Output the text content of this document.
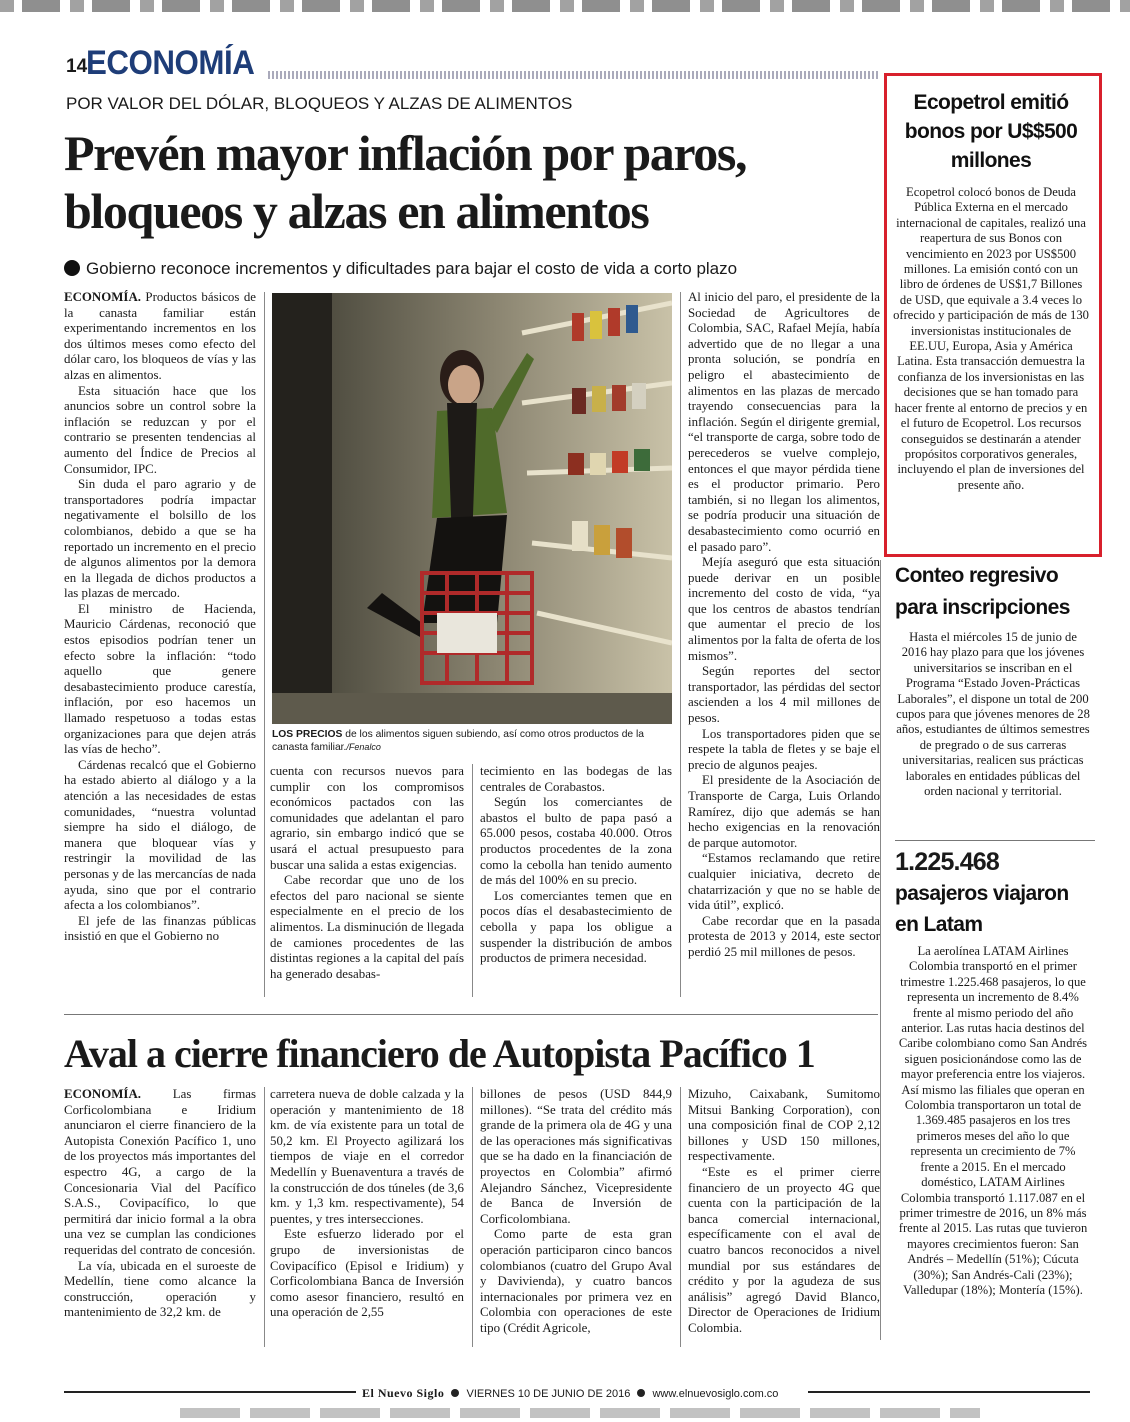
14
ECONOMÍA
POR VALOR DEL DÓLAR, BLOQUEOS Y ALZAS DE ALIMENTOS
Prevén mayor inflación por paros, bloqueos y alzas en alimentos
Gobierno reconoce incrementos y dificultades para bajar el costo de vida a corto plazo

ECONOMÍA. Productos básicos de la canasta familiar están experimentando incrementos en los dos últimos meses como efecto del dólar caro, los bloqueos de vías y las alzas en alimentos.

Esta situación hace que los anuncios sobre un control sobre la inflación se reduzcan y por el contrario se presenten tendencias al aumento del Índice de Precios al Consumidor, IPC.

Sin duda el paro agrario y de transportadores podría impactar negativamente el bolsillo de los colombianos, debido a que se ha reportado un incremento en el precio de algunos alimentos por la demora en la llegada de dichos productos a las plazas de mercado.

El ministro de Hacienda, Mauricio Cárdenas, reconoció que estos episodios podrían tener un efecto sobre la inflación: “todo aquello que genere desabastecimiento produce carestía, inflación, por eso hacemos un llamado respetuoso a todas estas organizaciones para que dejen atrás las vías de hecho”.

Cárdenas recalcó que el Gobierno ha estado abierto al diálogo y a la atención a las necesidades de estas comunidades, “nuestra voluntad siempre ha sido el diálogo, de manera que bloquear vías y restringir la movilidad de las personas y de las mercancías de nada ayuda, sino que por el contrario afecta a los colombianos”.

El jefe de las finanzas públicas insistió en que el Gobierno no

LOS PRECIOS de los alimentos siguen subiendo, así como otros productos de la canasta familiar./Fenalco

cuenta con recursos nuevos para cumplir con los compromisos económicos pactados con las comunidades que adelantan el paro agrario, sin embargo indicó que se usará el actual presupuesto para buscar una salida a estas exigencias.

Cabe recordar que uno de los efectos del paro nacional se siente especialmente en el precio de los alimentos. La disminución de llegada de camiones procedentes de las distintas regiones a la capital del país ha generado desabas-

tecimiento en las bodegas de las centrales de Corabastos.

Según los comerciantes de abastos el bulto de papa pasó a 65.000 pesos, costaba 40.000. Otros productos procedentes de la zona como la cebolla han tenido aumento de más del 100% en su precio.

Los comerciantes temen que en pocos días el desabastecimiento de cebolla y papa los obligue a suspender la distribución de ambos productos de primera necesidad.

Al inicio del paro, el presidente de la Sociedad de Agricultores de Colombia, SAC, Rafael Mejía, había advertido que de no llegar a una pronta solución, se pondría en peligro el abastecimiento de alimentos en las plazas de mercado trayendo consecuencias para la inflación. Según el dirigente gremial, “el transporte de carga, sobre todo de perecederos se vuelve complejo, entonces el que mayor pérdida tiene es el productor primario. Pero también, si no llegan los alimentos, se podría producir una situación de desabastecimiento como ocurrió en el pasado paro”.

Mejía aseguró que esta situación puede derivar en un posible incremento del costo de vida, “ya que los centros de abastos tendrían que aumentar el precio de los alimentos por la falta de oferta de los mismos”.

Según reportes del sector transportador, las pérdidas del sector ascienden a los 4 mil millones de pesos.

Los transportadores piden que se respete la tabla de fletes y se baje el precio de algunos peajes.

El presidente de la Asociación de Transporte de Carga, Luis Orlando Ramírez, dijo que además se han hecho exigencias en la renovación de parque automotor.

“Estamos reclamando que retire cualquier iniciativa, decreto de chatarrización y que no se hable de vida útil”, explicó.

Cabe recordar que en la pasada protesta de 2013 y 2014, este sector perdió 25 mil millones de pesos.

Aval a cierre financiero de Autopista Pacífico 1

ECONOMÍA. Las firmas Corficolombiana e Iridium anunciaron el cierre financiero de la Autopista Conexión Pacífico 1, uno de los proyectos más importantes del espectro 4G, a cargo de la Concesionaria Vial del Pacífico S.A.S., Covipacífico, lo que permitirá dar inicio formal a la obra una vez se cumplan las condiciones requeridas del contrato de concesión.

La vía, ubicada en el suroeste de Medellín, tiene como alcance la construcción, operación y mantenimiento de 32,2 km. de

carretera nueva de doble calzada y la operación y mantenimiento de 18 km. de vía existente para un total de 50,2 km. El Proyecto agilizará los tiempos de viaje en el corredor Medellín y Buenaventura a través de la construcción de dos túneles (de 3,6 km. y 1,3 km. respectivamente), 54 puentes, y tres intersecciones.

Este esfuerzo liderado por el grupo de inversionistas de Covipacífico (Episol e Iridium) y Corficolombiana Banca de Inversión como asesor financiero, resultó en una operación de 2,55

billones de pesos (USD 844,9 millones). “Se trata del crédito más grande de la primera ola de 4G y una de las operaciones más significativas que se ha dado en la financiación de proyectos en Colombia” afirmó Alejandro Sánchez, Vicepresidente de Banca de Inversión de Corficolombiana.

Como parte de esta gran operación participaron cinco bancos colombianos (cuatro del Grupo Aval y Davivienda), y cuatro bancos internacionales por primera vez en Colombia con operaciones de este tipo (Crédit Agricole,

Mizuho, Caixabank, Sumitomo Mitsui Banking Corporation), con una composición final de COP 2,12 billones y USD 150 millones, respectivamente.

“Este es el primer cierre financiero de un proyecto 4G que cuenta con la participación de la banca comercial internacional, específicamente con el aval de cuatro bancos reconocidos a nivel mundial por sus estándares de crédito y por la agudeza de sus análisis” agregó David Blanco, Director de Operaciones de Iridium Colombia.

Ecopetrol emitió bonos por U$$500 millones
Ecopetrol colocó bonos de Deuda Pública Externa en el mercado internacional de capitales, realizó una reapertura de sus Bonos con vencimiento en 2023 por US$500 millones. La emisión contó con un libro de órdenes de US$1,7 Billones de USD, que equivale a 3.4 veces lo ofrecido y participación de más de 130 inversionistas institucionales de EE.UU, Europa, Asia y América Latina. Esta transacción demuestra la confianza de los inversionistas en las decisiones que se han tomado para hacer frente al entorno de precios y en el futuro de Ecopetrol. Los recursos conseguidos se destinarán a atender propósitos corporativos generales, incluyendo el plan de inversiones del presente año.
Conteo regresivo para inscripciones
Hasta el miércoles 15 de junio de 2016 hay plazo para que los jóvenes universitarios se inscriban en el Programa “Estado Joven-Prácticas Laborales”, el dispone un total de 200 cupos para que jóvenes menores de 28 años, estudiantes de últimos semestres de pregrado o de sus carreras universitarias, realicen sus prácticas laborales en entidades públicas del orden nacional y territorial.
1.225.468
pasajeros viajaron en Latam
La aerolínea LATAM Airlines Colombia transportó en el primer trimestre 1.225.468 pasajeros, lo que representa un incremento de 8.4% frente al mismo periodo del año anterior. Las rutas hacia destinos del Caribe colombiano como San Andrés siguen posicionándose como las de mayor preferencia entre los viajeros. Así mismo las filiales que operan en Colombia transportaron un total de 1.369.485 pasajeros en los tres primeros meses del año lo que representa un crecimiento de 7% frente a 2015. En el mercado doméstico, LATAM Airlines Colombia transportó 1.117.087 en el primer trimestre de 2016, un 8% más frente al 2015. Las rutas que tuvieron mayores crecimientos fueron: San Andrés – Medellín (51%); Cúcuta (30%); San Andrés-Cali (23%); Valledupar (18%); Montería (15%).
El Nuevo Siglo VIERNES 10 DE JUNIO DE 2016 www.elnuevosiglo.com.co
